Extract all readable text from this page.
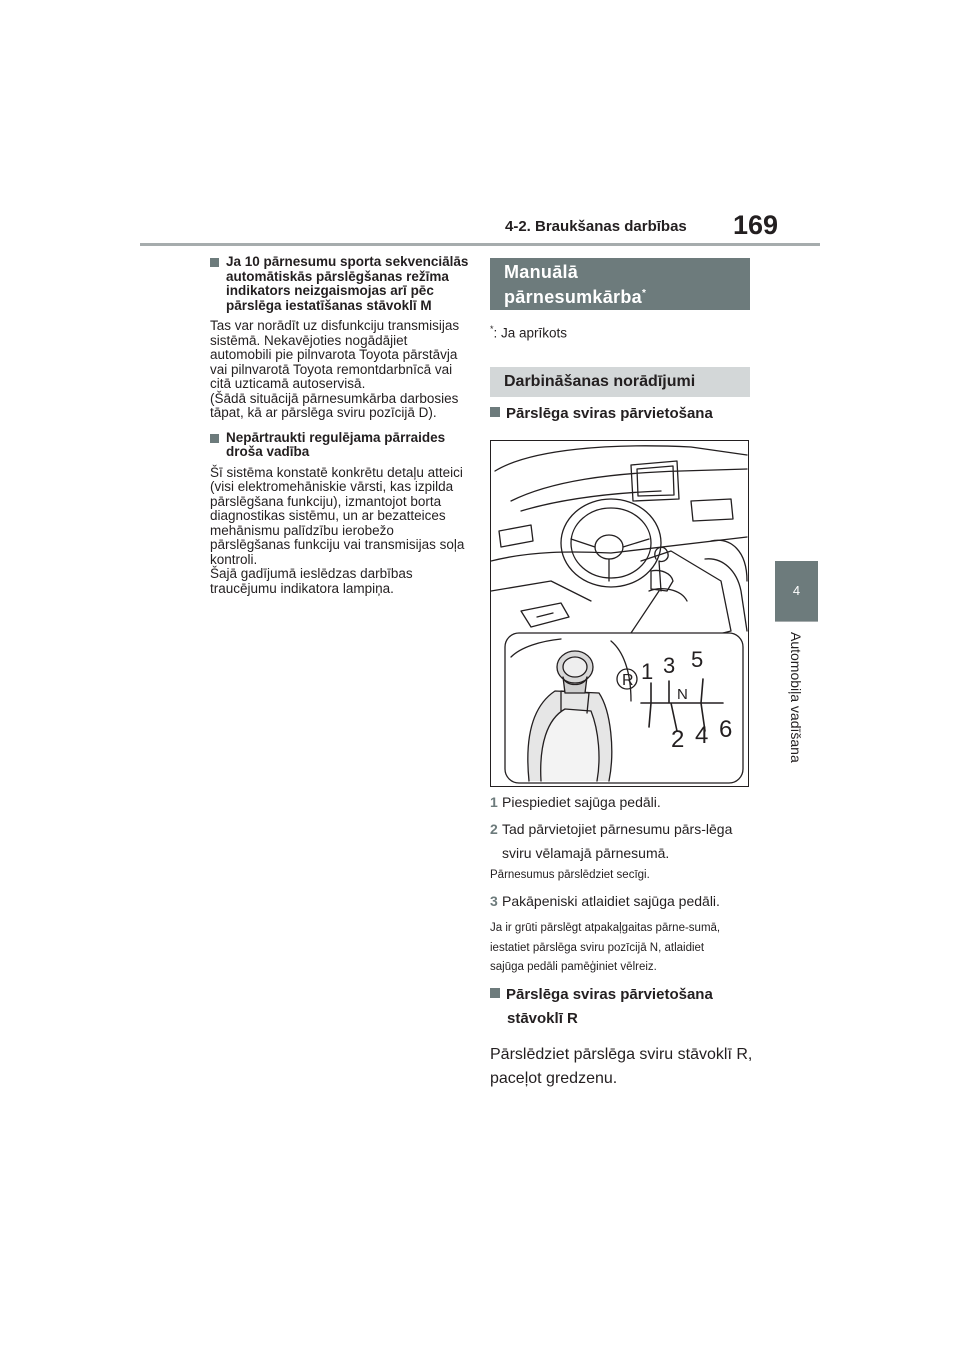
4-2. Braukšanas darbības 169
4
Automobiļa vadīšana
Ja 10 pārnesumu sporta sekvenciālās automātiskās pārslēgšanas režīma indikators neizgaismojas arī pēc pārslēga iestatīšanas stāvoklī M

Tas var norādīt uz disfunkciju transmisijas sistēmā. Nekavējoties nogādājiet automobili pie pilnvarota Toyota pārstāvja vai pilnvarotā Toyota remontdarbnīcā vai citā uzticamā autoservisā.
(Šādā situācijā pārnesumkārba darbosies tāpat, kā ar pārslēga sviru pozīcijā D).

Nepārtraukti regulējama pārraides droša vadība

Šī sistēma konstatē konkrētu detaļu atteici (visi elektromehāniskie vārsti, kas izpilda pārslēgšana funkciju), izmantojot borta diagnostikas sistēmu, un ar bezatteices mehānismu palīdzību ierobežo pārslēgšanas funkciju vai transmisijas soļa kontroli.
Šajā gadījumā ieslēdzas darbības traucējumu indikatora lampiņa.

Manuālā
pārnesumkārba*
*: Ja aprīkots
Darbināšanas norādījumi
Pārslēga sviras pārvietošana
R 1 3 5
N
2 4 6
1 Piespiediet sajūga pedāli.
2 Tad pārvietojiet pārnesumu pārs-lēga sviru vēlamajā pārnesumā.
Pārnesumus pārslēdziet secīgi.
3 Pakāpeniski atlaidiet sajūga pedāli.
Ja ir grūti pārslēgt atpakaļgaitas pārne-sumā, iestatiet pārslēga sviru pozīcijā N, atlaidiet sajūga pedāli pamēģiniet vēlreiz.
Pārslēga sviras pārvietošana
stāvoklī R
Pārslēdziet pārslēga sviru stāvoklī R, paceļot gredzenu.
